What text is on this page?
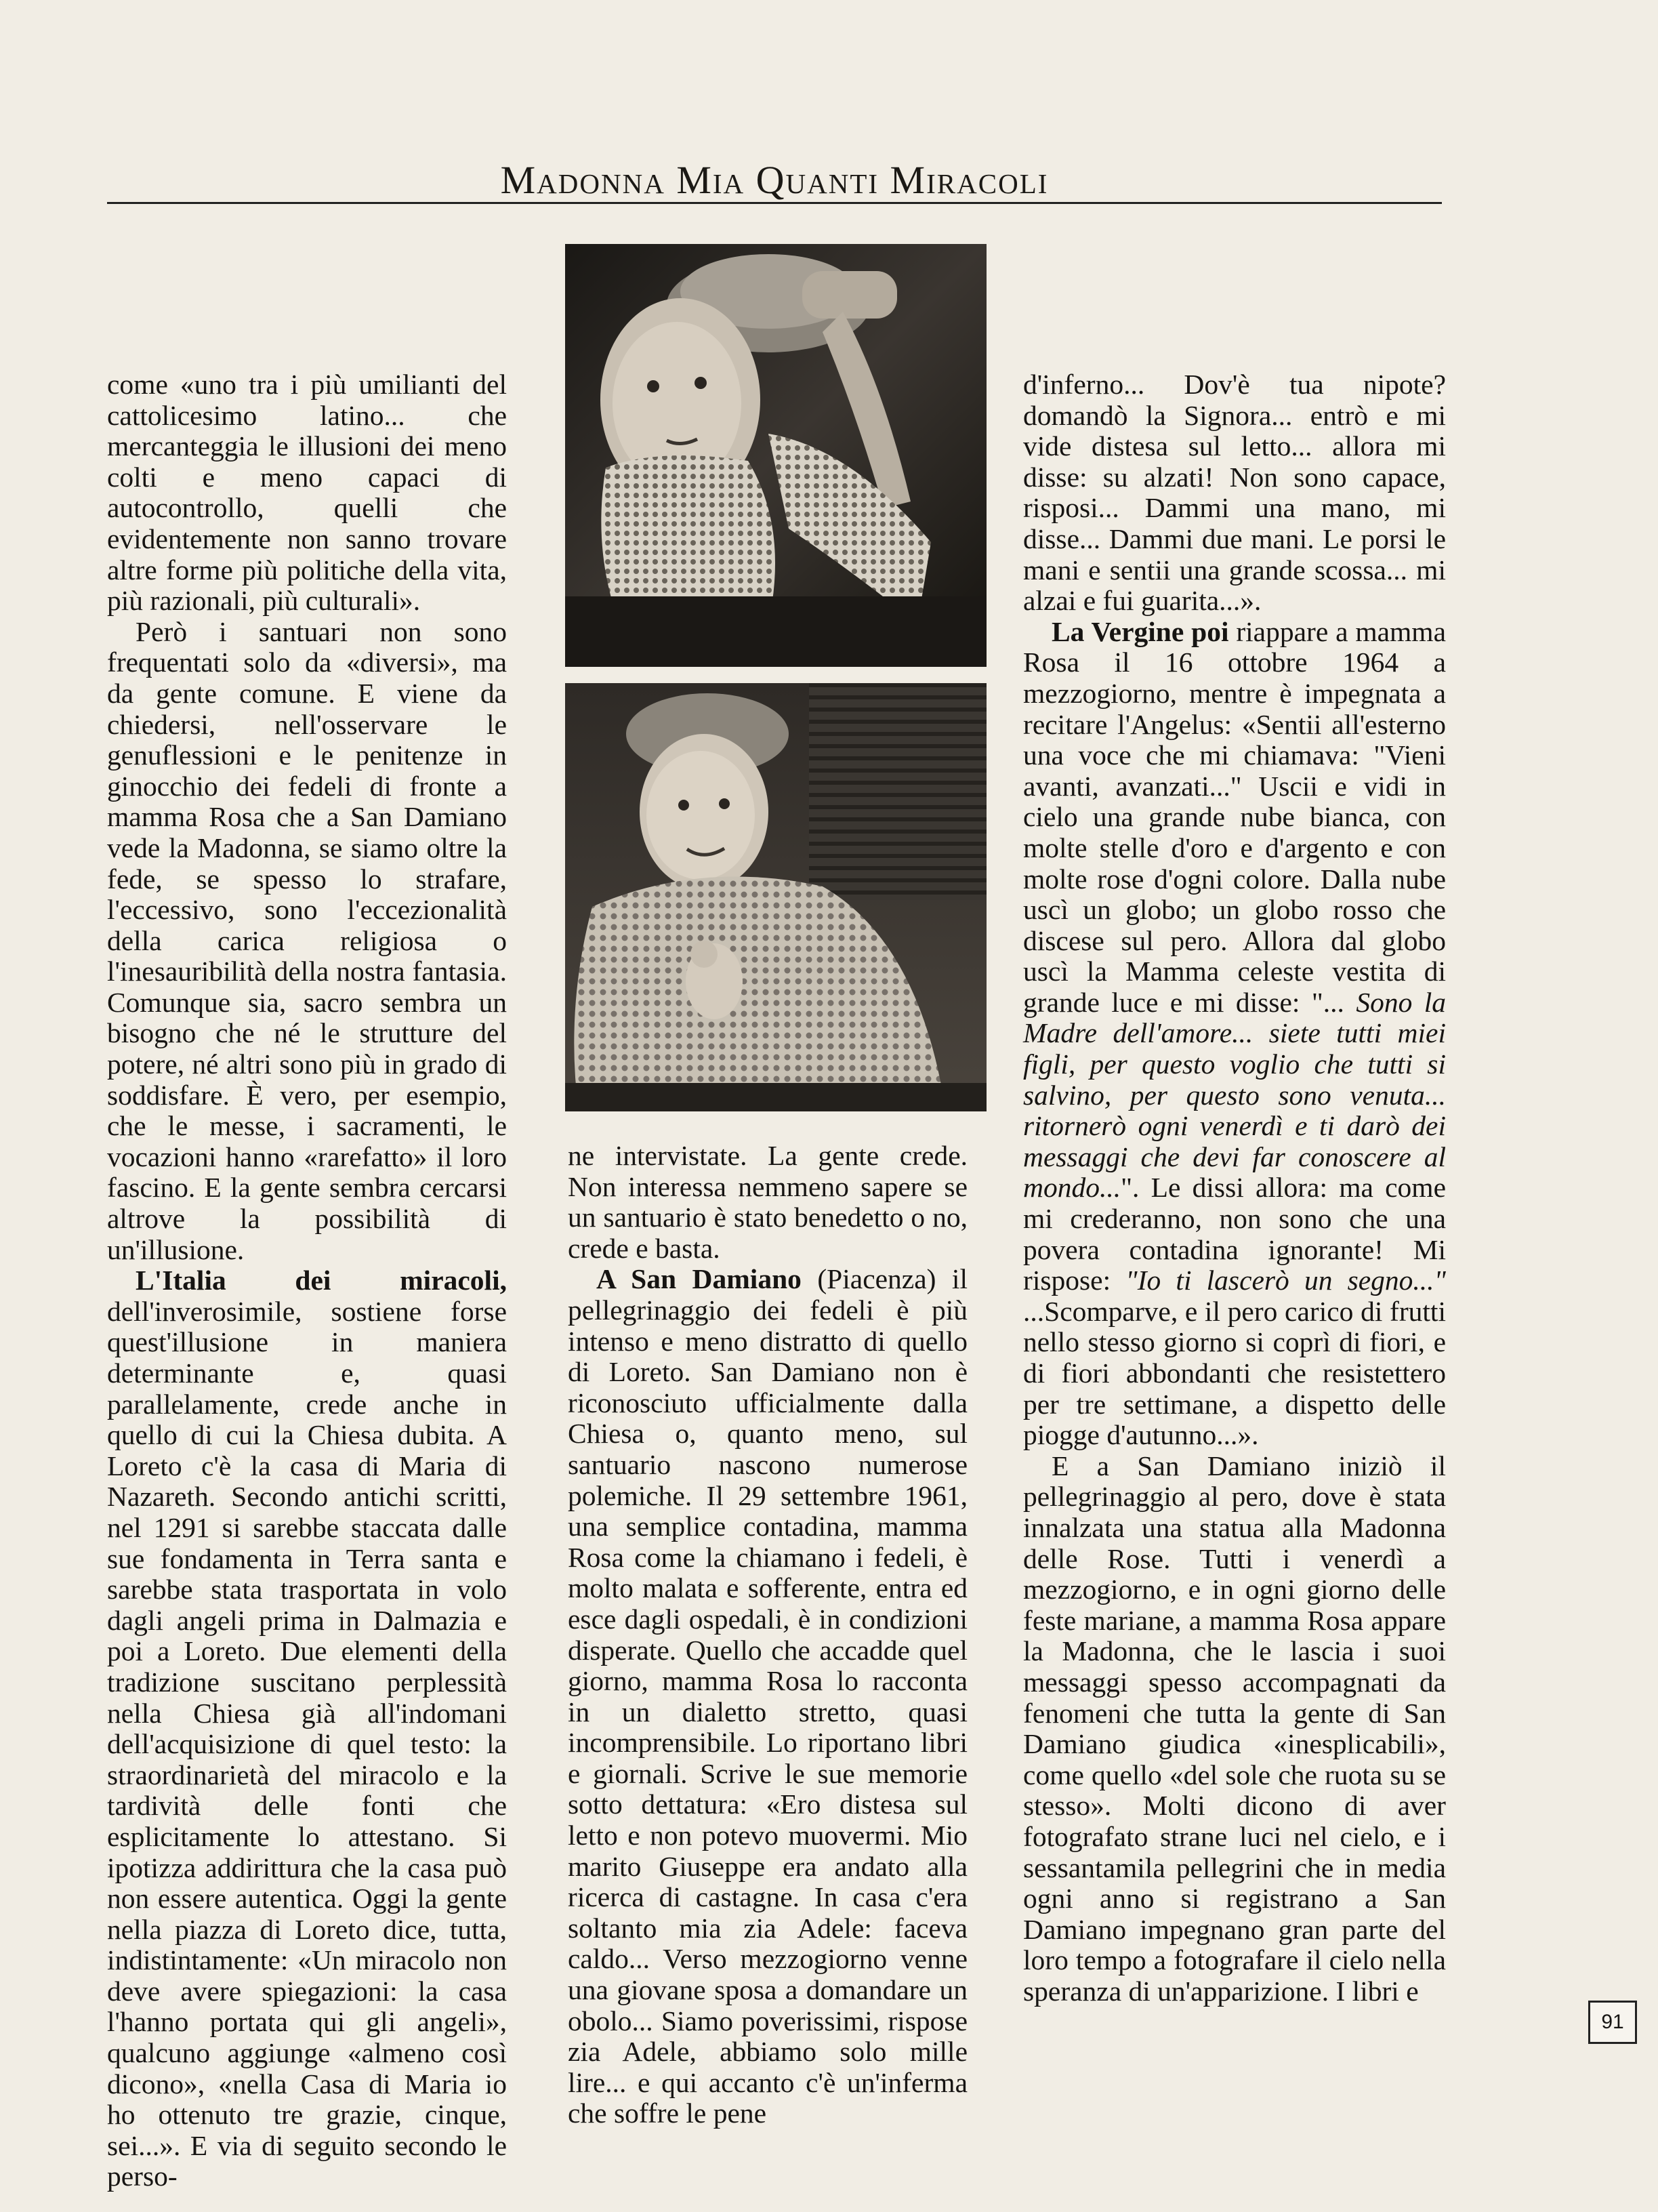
Madonna Mia Quanti Miracoli

come «uno tra i più umilianti del cattolicesimo latino... che mercanteggia le illusioni dei meno colti e meno capaci di autocontrollo, quelli che evidentemente non sanno trovare altre forme più politiche della vita, più razionali, più culturali».

Però i santuari non sono frequentati solo da «diversi», ma da gente comune. E viene da chiedersi, nell'osservare le genuflessioni e le penitenze in ginocchio dei fedeli di fronte a mamma Rosa che a San Damiano vede la Madonna, se siamo oltre la fede, se spesso lo strafare, l'eccessivo, sono l'eccezionalità della carica religiosa o l'inesauribilità della nostra fantasia. Comunque sia, sacro sembra un bisogno che né le strutture del potere, né altri sono più in grado di soddisfare. È vero, per esempio, che le messe, i sacramenti, le vocazioni hanno «rarefatto» il loro fascino. E la gente sembra cercarsi altrove la possibilità di un'illusione.

L'Italia dei miracoli, dell'inverosimile, sostiene forse quest'illusione in maniera determinante e, quasi parallelamente, crede anche in quello di cui la Chiesa dubita. A Loreto c'è la casa di Maria di Nazareth. Secondo antichi scritti, nel 1291 si sarebbe staccata dalle sue fondamenta in Terra santa e sarebbe stata trasportata in volo dagli angeli prima in Dalmazia e poi a Loreto. Due elementi della tradizione suscitano perplessità nella Chiesa già all'indomani dell'acquisizione di quel testo: la straordinarietà del miracolo e la tardività delle fonti che esplicitamente lo attestano. Si ipotizza addirittura che la casa può non essere autentica. Oggi la gente nella piazza di Loreto dice, tutta, indistintamente: «Un miracolo non deve avere spiegazioni: la casa l'hanno portata qui gli angeli», qualcuno aggiunge «almeno così dicono», «nella Casa di Maria io ho ottenuto tre grazie, cinque, sei...». E via di seguito secondo le perso-

ne intervistate. La gente crede. Non interessa nemmeno sapere se un santuario è stato benedetto o no, crede e basta.

A San Damiano (Piacenza) il pellegrinaggio dei fedeli è più intenso e meno distratto di quello di Loreto. San Damiano non è riconosciuto ufficialmente dalla Chiesa o, quanto meno, sul santuario nascono numerose polemiche. Il 29 settembre 1961, una semplice contadina, mamma Rosa come la chiamano i fedeli, è molto malata e sofferente, entra ed esce dagli ospedali, è in condizioni disperate. Quello che accadde quel giorno, mamma Rosa lo racconta in un dialetto stretto, quasi incomprensibile. Lo riportano libri e giornali. Scrive le sue memorie sotto dettatura: «Ero distesa sul letto e non potevo muovermi. Mio marito Giuseppe era andato alla ricerca di castagne. In casa c'era soltanto mia zia Adele: faceva caldo... Verso mezzogiorno venne una giovane sposa a domandare un obolo... Siamo poverissimi, rispose zia Adele, abbiamo solo mille lire... e qui accanto c'è un'inferma che soffre le pene

d'inferno... Dov'è tua nipote? domandò la Signora... entrò e mi vide distesa sul letto... allora mi disse: su alzati! Non sono capace, risposi... Dammi una mano, mi disse... Dammi due mani. Le porsi le mani e sentii una grande scossa... mi alzai e fui guarita...».

La Vergine poi riappare a mamma Rosa il 16 ottobre 1964 a mezzogiorno, mentre è impegnata a recitare l'Angelus: «Sentii all'esterno una voce che mi chiamava: "Vieni avanti, avanzati..." Uscii e vidi in cielo una grande nube bianca, con molte stelle d'oro e d'argento e con molte rose d'ogni colore. Dalla nube uscì un globo; un globo rosso che discese sul pero. Allora dal globo uscì la Mamma celeste vestita di grande luce e mi disse: "... Sono la Madre dell'amore... siete tutti miei figli, per questo voglio che tutti si salvino, per questo sono venuta... ritornerò ogni venerdì e ti darò dei messaggi che devi far conoscere al mondo...". Le dissi allora: ma come mi crederanno, non sono che una povera contadina ignorante! Mi rispose: "Io ti lascerò un segno..." ...Scomparve, e il pero carico di frutti nello stesso giorno si coprì di fiori, e di fiori abbondanti che resistettero per tre settimane, a dispetto delle piogge d'autunno...».

E a San Damiano iniziò il pellegrinaggio al pero, dove è stata innalzata una statua alla Madonna delle Rose. Tutti i venerdì a mezzogiorno, e in ogni giorno delle feste mariane, a mamma Rosa appare la Madonna, che le lascia i suoi messaggi spesso accompagnati da fenomeni che tutta la gente di San Damiano giudica «inesplicabili», come quello «del sole che ruota su se stesso». Molti dicono di aver fotografato strane luci nel cielo, e i sessantamila pellegrini che in media ogni anno si registrano a San Damiano impegnano gran parte del loro tempo a fotografare il cielo nella speranza di un'apparizione. I libri e

91
